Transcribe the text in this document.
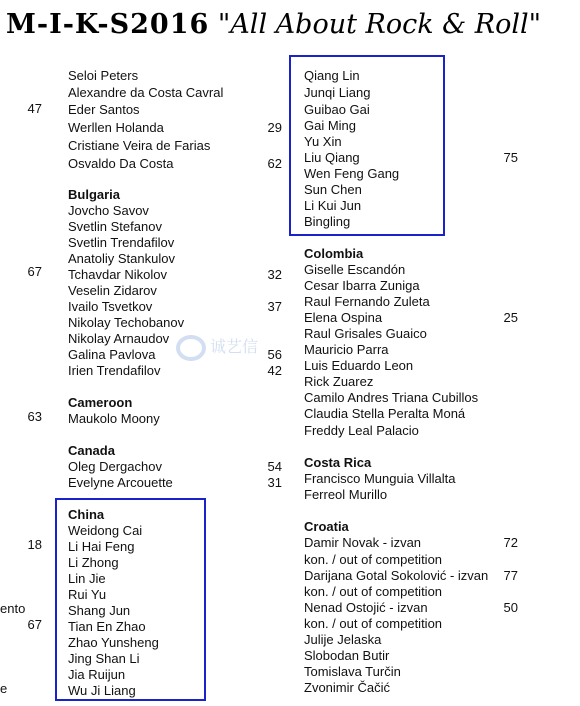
M-I-K-S2016 "All About Rock & Roll"
诚艺信
ento
e
47
67
63
18
67
Seloi Peters
Alexandre da Costa Cavral
Eder Santos
Werllen Holanda	29
Cristiane Veira de Farias
Osvaldo Da Costa	62
Bulgaria
Jovcho Savov
Svetlin Stefanov
Svetlin Trendafilov
Anatoliy Stankulov
Tchavdar Nikolov	32
Veselin Zidarov
Ivailo Tsvetkov	37
Nikolay Techobanov
Nikolay Arnaudov
Galina Pavlova	56
Irien Trendafilov	42
Cameroon
Maukolo Moony
Canada
Oleg Dergachov	54
Evelyne Arcouette	31
China
Weidong Cai
Li Hai Feng
Li Zhong
Lin Jie
Rui Yu
Shang Jun
Tian En Zhao
Zhao Yunsheng
Jing Shan Li
Jia Ruijun
Wu Ji Liang
Qiang Lin
Junqi Liang
Guibao Gai
Gai Ming
Yu Xin
Liu Qiang	75
Wen Feng Gang
Sun Chen
Li Kui Jun
Bingling
Colombia
Giselle Escandón
Cesar Ibarra Zuniga
Raul Fernando Zuleta
Elena Ospina	25
Raul Grisales Guaico
Mauricio Parra
Luis Eduardo Leon
Rick Zuarez
Camilo Andres Triana Cubillos
Claudia Stella Peralta Moná
Freddy Leal Palacio
Costa Rica
Francisco Munguia Villalta
Ferreol Murillo
Croatia
Damir Novak - izvan	72
kon. / out of competition
Darijana Gotal Sokolović - izvan	77
kon. / out of competition
Nenad Ostojić - izvan	50
kon. / out of competition
Julije Jelaska
Slobodan Butir
Tomislava Turčin
Zvonimir Čačić
